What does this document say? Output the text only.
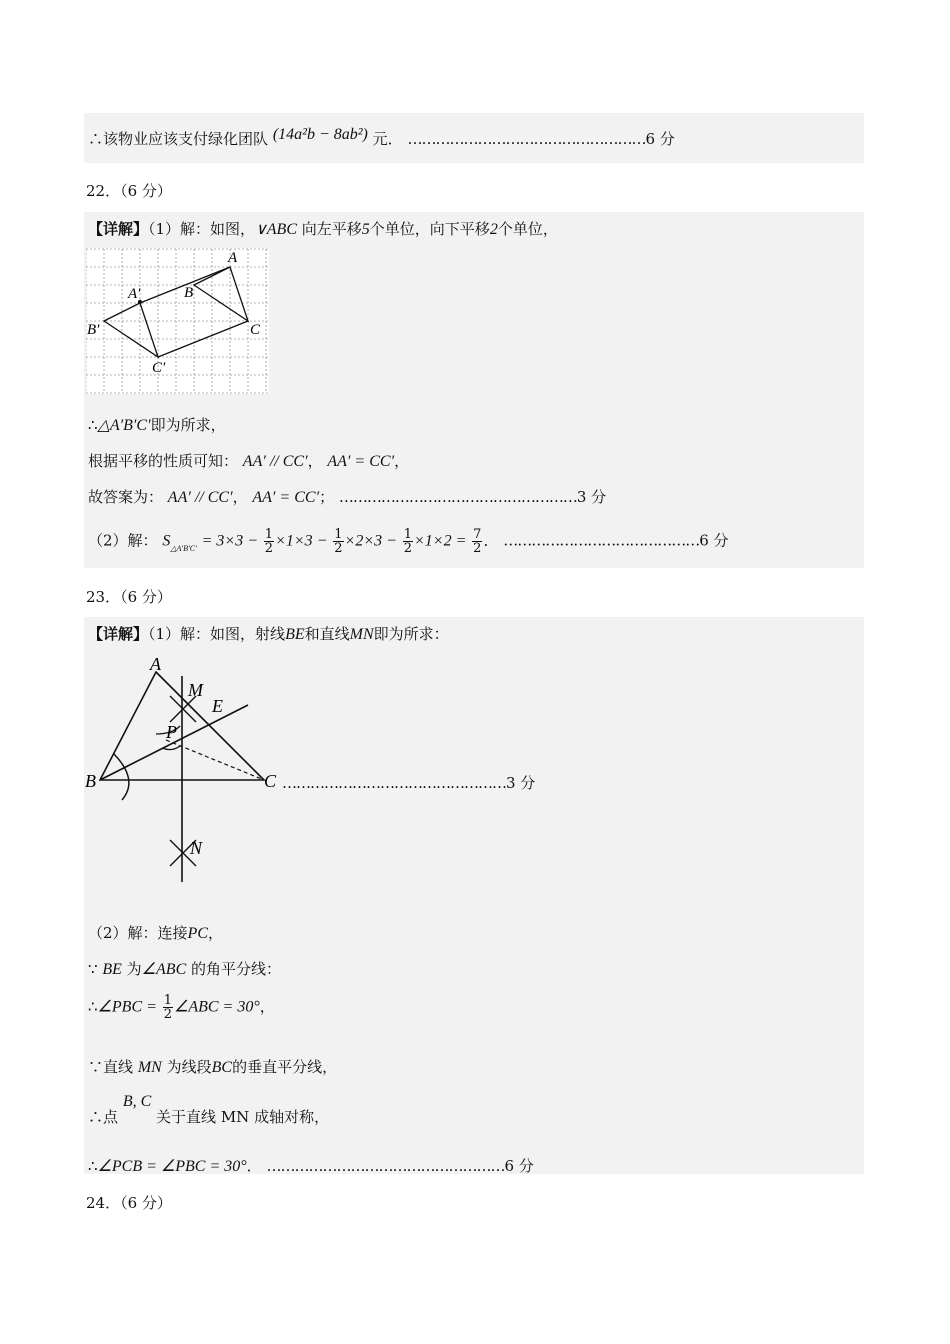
∴该物业应该支付绿化团队 (14a²b − 8ab²) 元． ……………………………………………6 分
22．（6 分）
【详解】（1）解：如图，∨ABC 向左平移5个单位，向下平移2个单位，
A
B
C
A′
B′
C′
∴△A′B′C′即为所求，
根据平移的性质可知： AA′ // CC′， AA′ = CC′，
故答案为： AA′ // CC′， AA′ = CC′； ……………………………………………3 分
（2）解： $S_{\triangle A'B'C'} = 3\times 3 - \frac{1}{2} \times 1\times 3 - \frac{1}{2} \times 2\times 3 - \frac{1}{2} \times 1\times 2 = \frac{7}{2}$ ． ……………………………………6 分
23．（6 分）
【详解】（1）解：如图，射线BE和直线MN即为所求：
A
B	C
M
E
P
N
…………………………………………3 分
（2）解：连接PC，
∵ BE 为∠ABC 的角平分线：
∴∠PBC = $\frac{1}{2}$ ∠ABC = 30°，
∵直线 MN 为线段BC的垂直平分线，
∴点 B, C 关于直线 MN 成轴对称，
∴∠PCB = ∠PBC = 30°． ……………………………………………6 分
24．（6 分）
